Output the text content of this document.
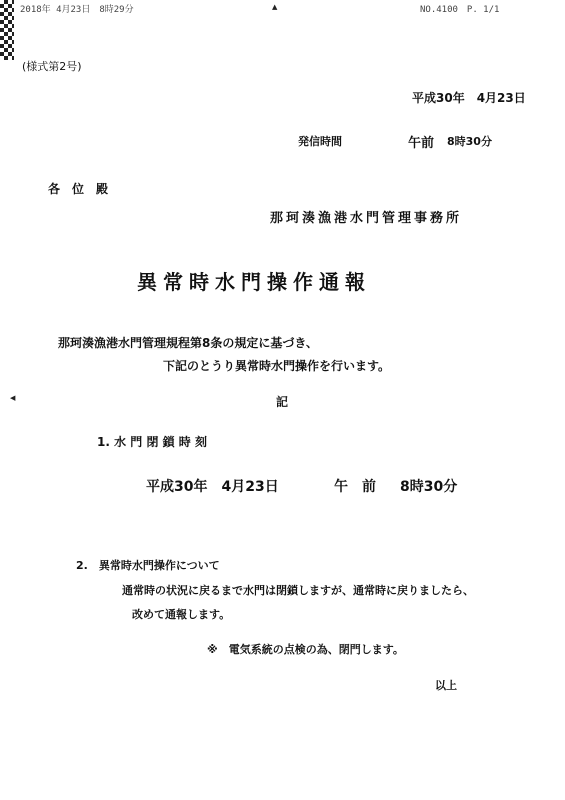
2018年 4月23日　8時29分	▲	NO.4100　P. 1/1
(様式第2号)
平成30年　4月23日
発信時間	午前 8時30分
各　位　殿
那珂湊漁港水門管理事務所
異常時水門操作通報
那珂湊漁港水門管理規程第8条の規定に基づき、
下記のとうり異常時水門操作を行います。
◀	記
1. 水 門 閉 鎖 時 刻
平成30年　4月23日	午　前 8時30分
2.　異常時水門操作について
通常時の状況に戻るまで水門は閉鎖しますが、通常時に戻りましたら、
改めて通報します。
※　電気系統の点検の為、閉門します。
以上
